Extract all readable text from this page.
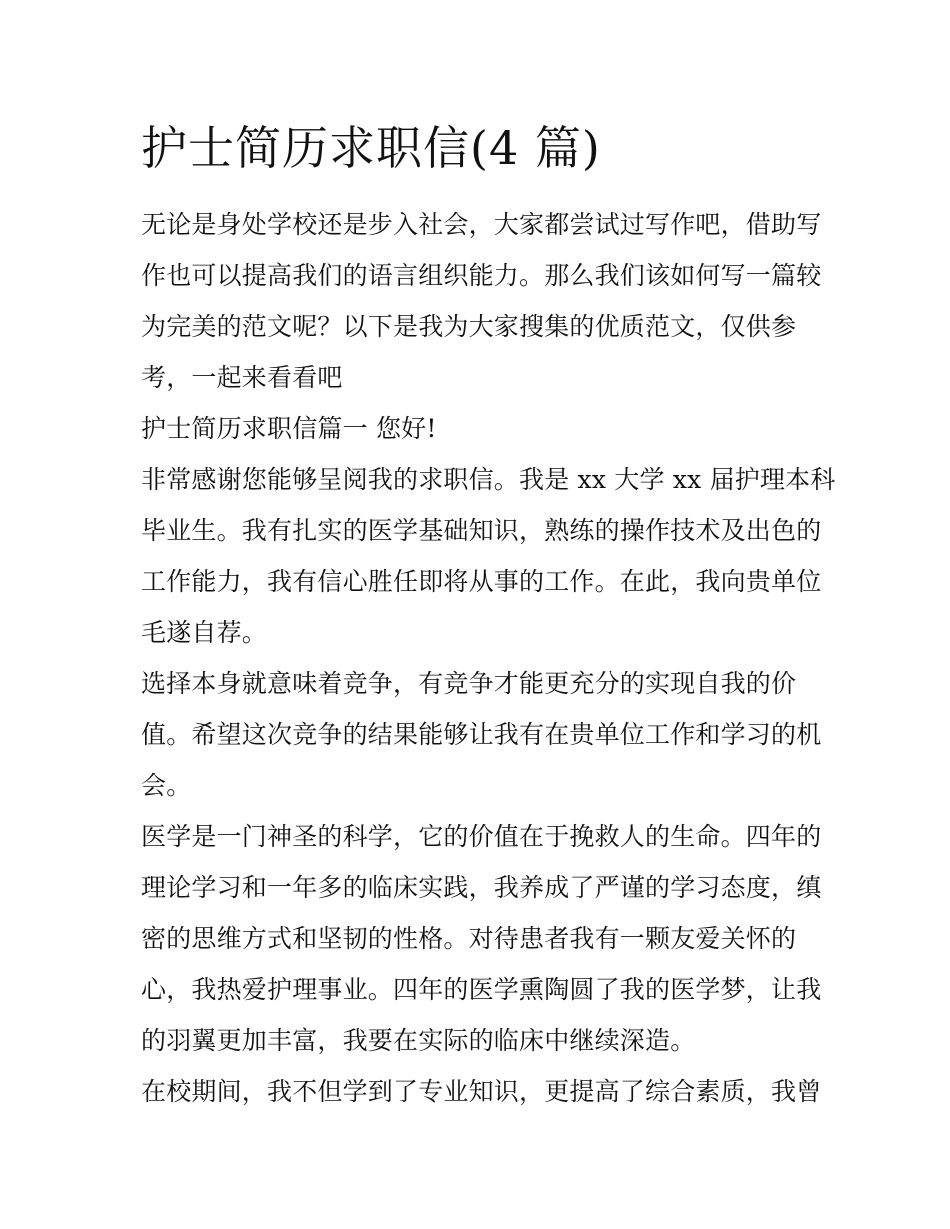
护士简历求职信(4 篇)
无论是身处学校还是步入社会，大家都尝试过写作吧，借助写
作也可以提高我们的语言组织能力。那么我们该如何写一篇较
为完美的范文呢？以下是我为大家搜集的优质范文，仅供参
考，一起来看看吧
护士简历求职信篇一 您好!
非常感谢您能够呈阅我的求职信。我是 xx 大学 xx 届护理本科
毕业生。我有扎实的医学基础知识，熟练的操作技术及出色的
工作能力，我有信心胜任即将从事的工作。在此，我向贵单位
毛遂自荐。
选择本身就意味着竞争，有竞争才能更充分的实现自我的价
值。希望这次竞争的结果能够让我有在贵单位工作和学习的机
会。
医学是一门神圣的科学，它的价值在于挽救人的生命。四年的
理论学习和一年多的临床实践，我养成了严谨的学习态度，缜
密的思维方式和坚韧的性格。对待患者我有一颗友爱关怀的
心，我热爱护理事业。四年的医学熏陶圆了我的医学梦，让我
的羽翼更加丰富，我要在实际的临床中继续深造。
在校期间，我不但学到了专业知识，更提高了综合素质，我曾
